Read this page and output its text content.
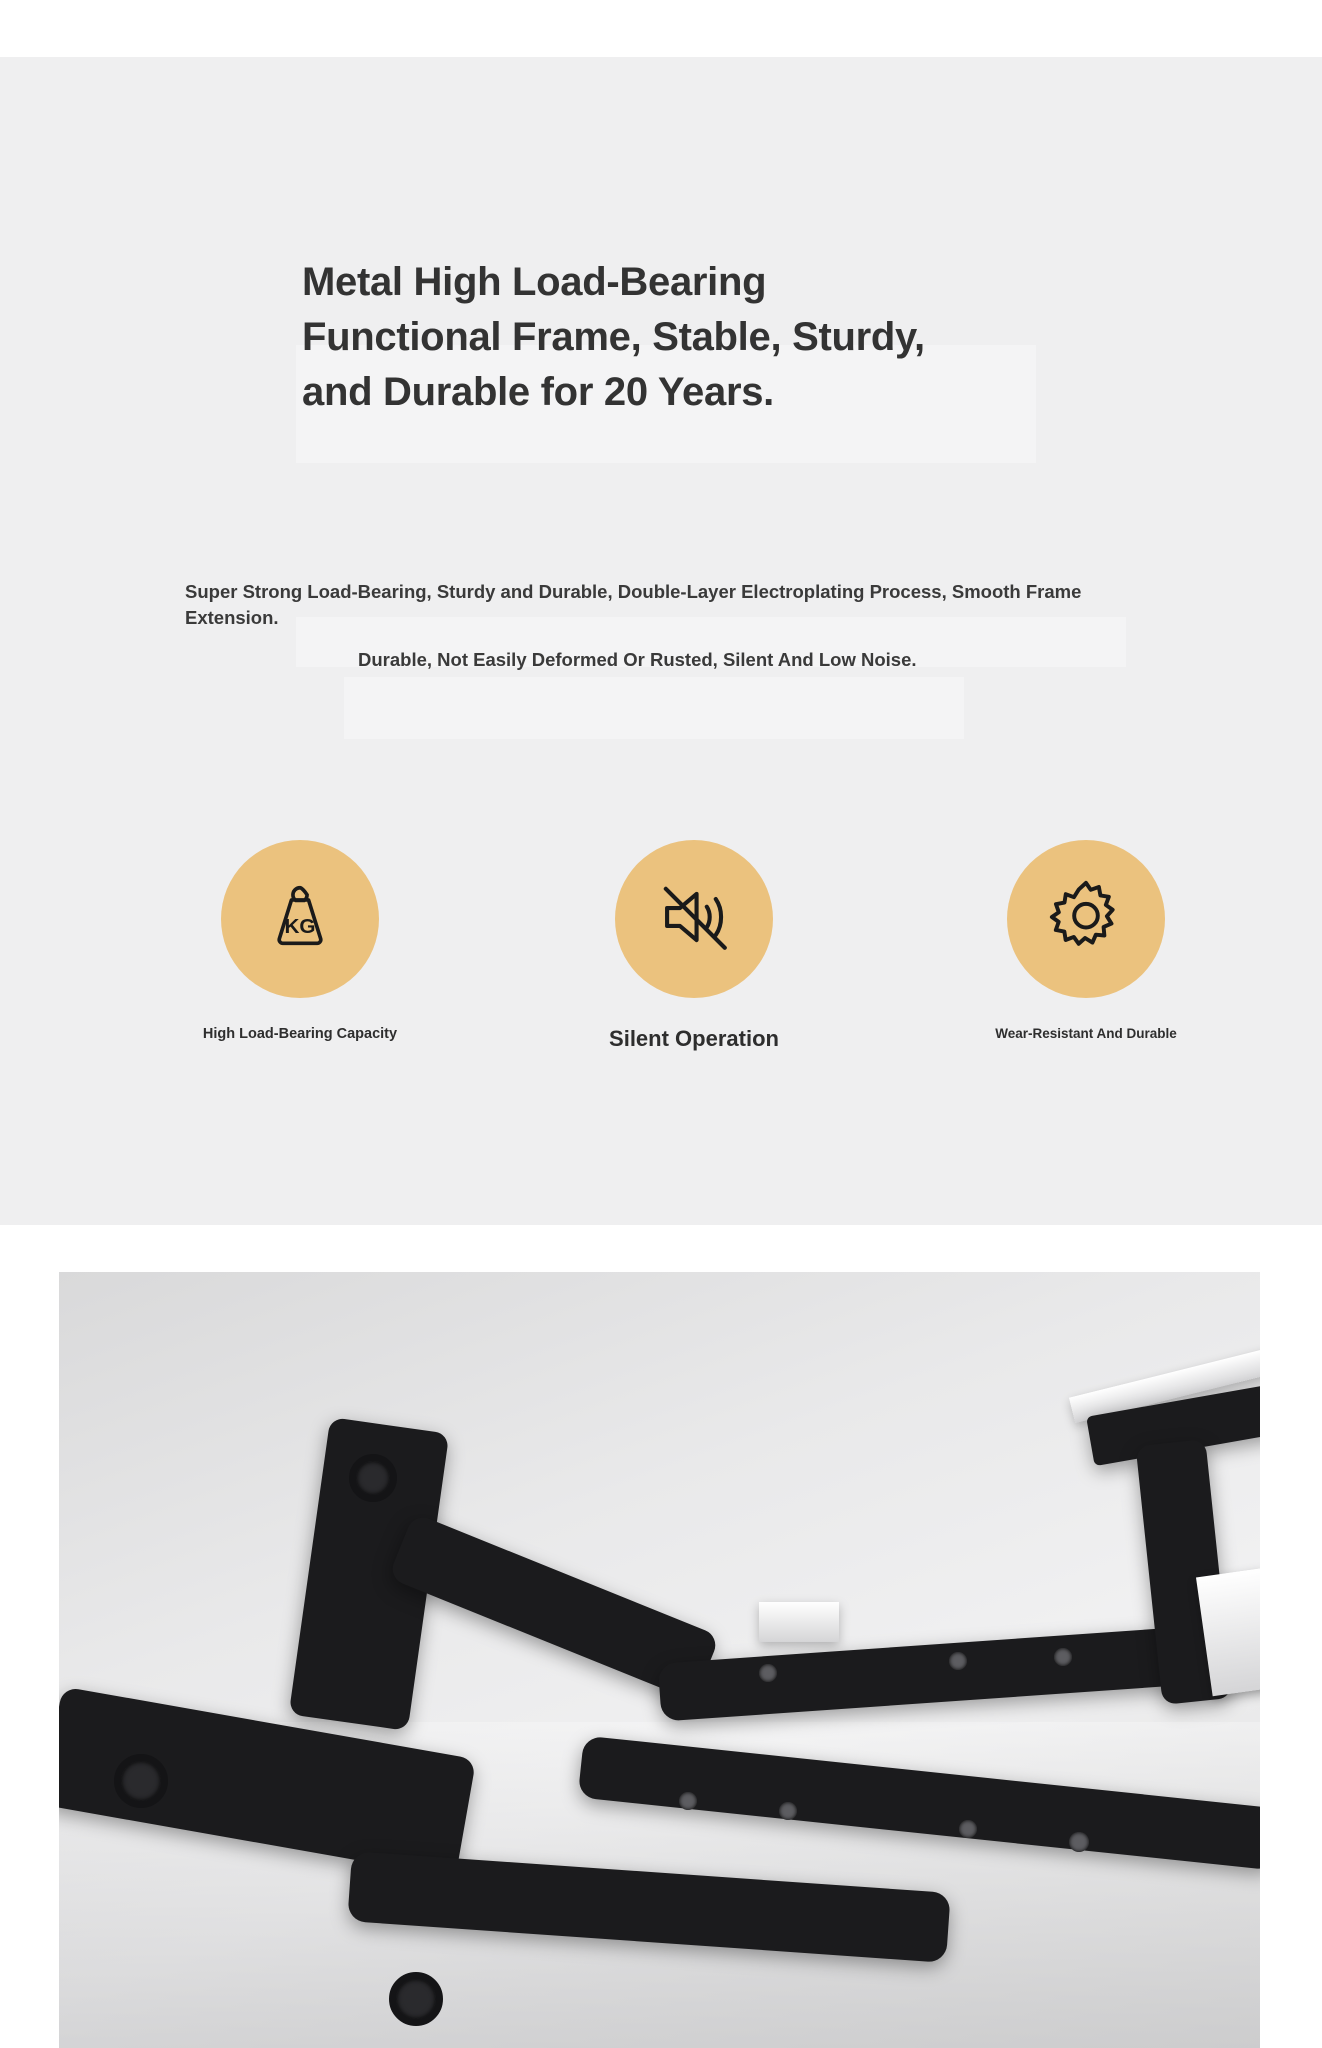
Metal High Load-Bearing Functional Frame, Stable, Sturdy, and Durable for 20 Years.

Super Strong Load-Bearing, Sturdy and Durable, Double-Layer Electroplating Process, Smooth Frame Extension.

Durable, Not Easily Deformed Or Rusted, Silent And Low Noise.

KG
High Load-Bearing Capacity	Silent Operation	Wear-Resistant And Durable
